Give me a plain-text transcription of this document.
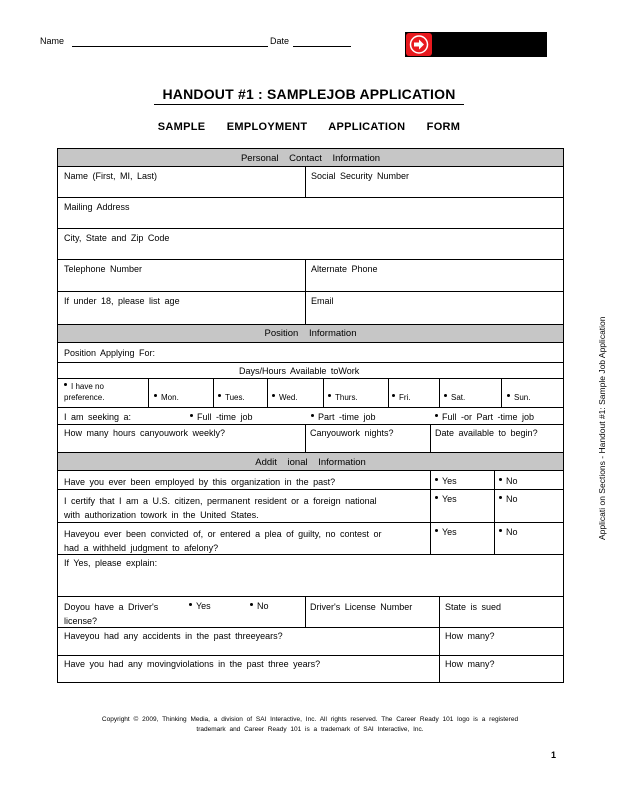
Name	Date
HANDOUT #1 : SAMPLEJOB APPLICATION
SAMPLE EMPLOYMENT APPLICATION FORM
Personal Contact Information
Name (First, MI, Last)	Social Security Number
Mailing Address
City, State and Zip Code
Telephone Number	Alternate Phone
If under 18, please list age	Email
Position Information
Position Applying For:
Days/Hours Available toWork
I have no preference.	Mon.	Tues.	Wed.	Thurs.	Fri.	Sat.	Sun.
I am seeking a:	Full -time job	Part -time job	Full -or Part -time job
How many hours canyouwork weekly?	Canyouwork nights?	Date available to begin?
Addit ional Information
Have you ever been employed by this organization in the past?	Yes	No
I certify that I am a U.S. citizen, permanent resident or a foreign national
with authorization towork in the United States.
Yes	No
Haveyou ever been convicted of, or entered a plea of guilty, no contest or
had a withheld judgment to afelony?
Yes	No
If Yes, please explain:
Doyou have a Driver's
license?
Yes	No	Driver's License Number	State is sued
Haveyou had any accidents in the past threeyears?	How many?
Have you had any movingviolations in the past three years?	How many?
Copyright © 2009, Thinking Media, a division of SAI Interactive, Inc. All rights reserved. The Career Ready 101 logo is a registered
trademark and Career Ready 101 is a trademark of SAI Interactive, Inc.
1
Applicati on Sections - Handout #1: Sample Job Application
